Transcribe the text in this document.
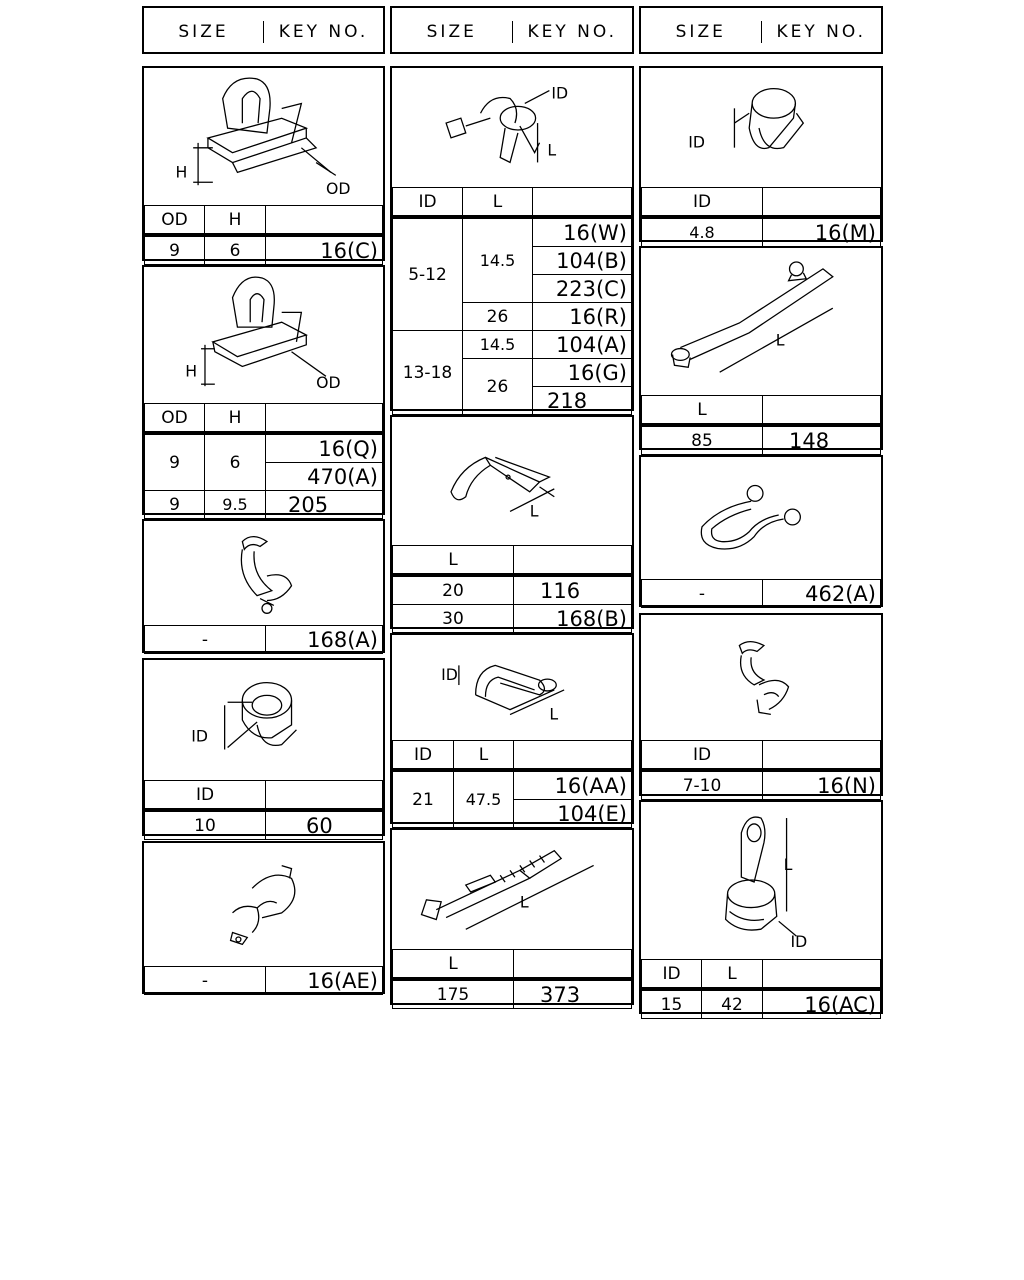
SIZE	KEY NO.	SIZE	KEY NO.	SIZE	KEY NO.
H
OD
OD	H	
9	6	16(C)
H
OD
OD	H	
9	6	16(Q)
		470(A)
9	9.5	205
-	168(A)
ID
ID	
10	60
-	16(AE)
ID
L
ID	L	
5-12	14.5	16(W)
		104(B)
		223(C)
	26	16(R)
13-18	14.5	104(A)
	26	16(G)
		218
L
L	
20	116
30	168(B)
ID
L
ID	L	
21	47.5	16(AA)
		104(E)
L
L	
175	373
ID
ID	
4.8	16(M)
L
L	
85	148
-	462(A)
ID	
7-10	16(N)
L
ID
ID	L	
15	42	16(AC)
